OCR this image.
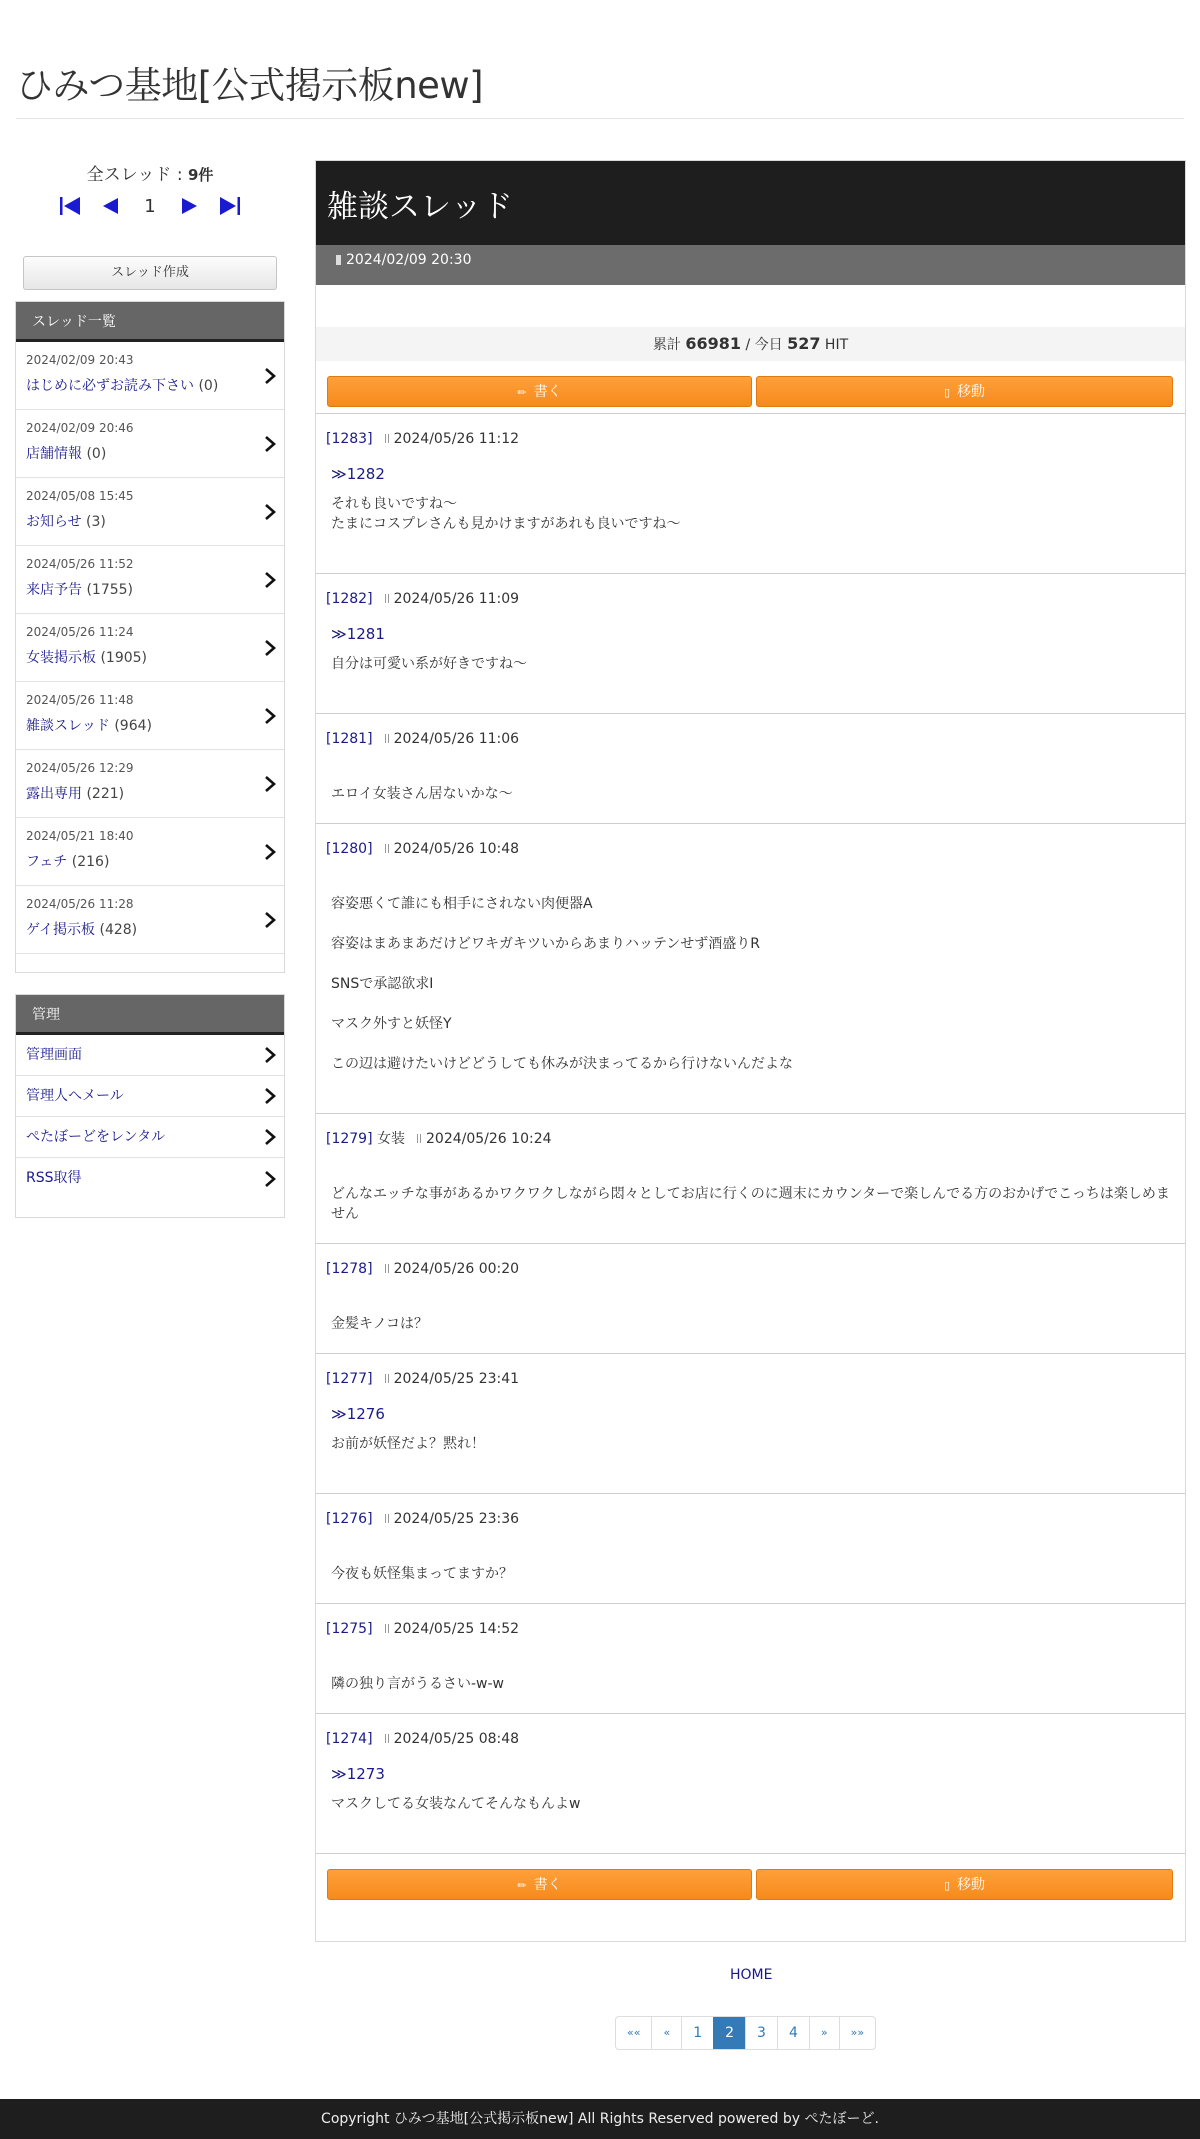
ひみつ基地[公式掲示板new]
全スレッド : 9件
1
スレッド作成
スレッド一覧
2024/02/09 20:43
はじめに必ずお読み下さい (0)
2024/02/09 20:46
店舗情報 (0)
2024/05/08 15:45
お知らせ (3)
2024/05/26 11:52
来店予告 (1755)
2024/05/26 11:24
女装掲示板 (1905)
2024/05/26 11:48
雑談スレッド (964)
2024/05/26 12:29
露出専用 (221)
2024/05/21 18:40
フェチ (216)
2024/05/26 11:28
ゲイ掲示板 (428)
管理
管理画面
管理人へメール
ぺたぼーどをレンタル
RSS取得
雑談スレッド
2024/02/09 20:30
累計 66981 / 今日 527 HIT
✏ 書く	▯ 移動
[1283] 2024/05/26 11:12

≫1282

それも良いですね〜

たまにコスプレさんも見かけますがあれも良いですね〜

[1282] 2024/05/26 11:09

≫1281

自分は可愛い系が好きですね〜

[1281] 2024/05/26 11:06

エロイ女装さん居ないかな〜

[1280] 2024/05/26 10:48

容姿悪くて誰にも相手にされない肉便器A

容姿はまあまあだけどワキガキツいからあまりハッテンせず酒盛りR

SNSで承認欲求I

マスク外すと妖怪Y

この辺は避けたいけどどうしても休みが決まってるから行けないんだよな

[1279] 女装 2024/05/26 10:24

どんなエッチな事があるかワクワクしながら悶々としてお店に行くのに週末にカウンターで楽しんでる方のおかげでこっちは楽しめま

せん 

[1278] 2024/05/26 00:20

金髪キノコは？

[1277] 2024/05/25 23:41

≫1276

お前が妖怪だよ？黙れ！

[1276] 2024/05/25 23:36

今夜も妖怪集まってますか？

[1275] 2024/05/25 14:52

隣の独り言がうるさい-w-w

[1274] 2024/05/25 08:48

≫1273

マスクしてる女装なんてそんなもんよw

✏ 書く	▯ 移動
HOME
««	«	1	2	3	4	»	»»
Copyright ひみつ基地[公式掲示板new] All Rights Reserved powered by ぺたぼーど.
